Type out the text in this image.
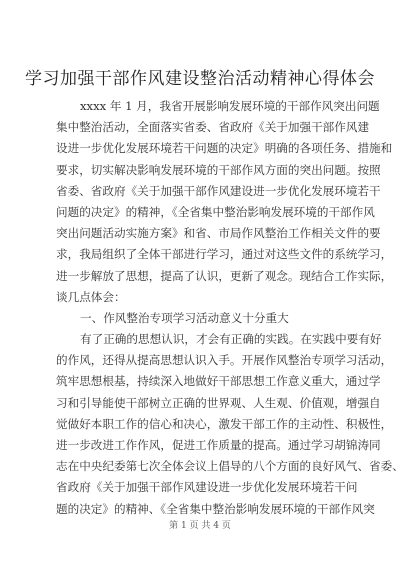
学习加强干部作风建设整治活动精神心得体会
xxxx 年 1 月，我省开展影响发展环境的干部作风突出问题
集中整治活动，全面落实省委、省政府《关于加强干部作风建
设进一步优化发展环境若干问题的决定》明确的各项任务、措施和
要求，切实解决影响发展环境的干部作风方面的突出问题。按照
省委、省政府《关于加强干部作风建设进一步优化发展环境若干
问题的决定》的精神，《全省集中整治影响发展环境的干部作风
突出问题活动实施方案》和省、市局作风整治工作相关文件的要
求，我局组织了全体干部进行学习，通过对这些文件的系统学习，
进一步解放了思想，提高了认识，更新了观念。现结合工作实际，
谈几点体会：
一、作风整治专项学习活动意义十分重大
有了正确的思想认识，才会有正确的实践。在实践中要有好
的作风，还得从提高思想认识入手。开展作风整治专项学习活动，
筑牢思想根基，持续深入地做好干部思想工作意义重大，通过学
习和引导能使干部树立正确的世界观、人生观、价值观，增强自
觉做好本职工作的信心和决心，激发干部工作的主动性、积极性，
进一步改进工作作风，促进工作质量的提高。通过学习胡锦涛同
志在中央纪委第七次全体会议上倡导的八个方面的良好风气、省委、
省政府《关于加强干部作风建设进一步优化发展环境若干问
题的决定》的精神、《全省集中整治影响发展环境的干部作风突
第 1 页 共 4 页
